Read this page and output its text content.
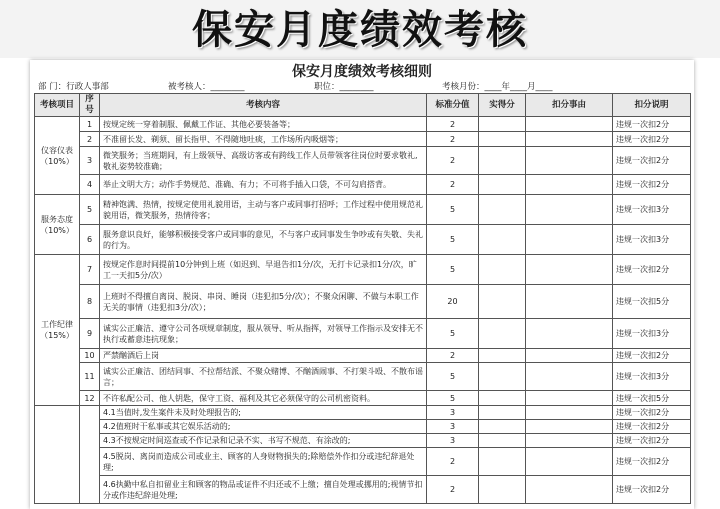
保安月度绩效考核
保安月度绩效考核细则
部 门：行政人事部	被考核人：________	职位：________	考核月份：____年____月____
考核项目	序号	考核内容	标准分值	实得分	扣分事由	扣分说明
仪容仪表（10%）	1	按规定统一穿着制服、佩戴工作证、其他必要装备等；	2			违规一次扣2分
	2	不准留长发、剃须、留长指甲、不得随地吐痰，工作场所内吸烟等；	2			违规一次扣2分
	3	微笑服务；当班期间，有上级领导、高级访客或有跨线工作人员带领客往岗位时要求敬礼,敬礼姿势较准确；	2			违规一次扣2分
	4	举止文明大方；动作手势规范、准确、有力；不可将手插入口袋，不可勾肩搭背。	2			违规一次扣2分
服务态度（10%）	5	精神饱满、热情，按规定使用礼貌用语，主动与客户或同事打招呼；工作过程中使用规范礼貌用语，微笑服务，热情待客；	5			违规一次扣3分
	6	服务意识良好，能够积极接受客户或同事的意见，不与客户或同事发生争吵或有失敬、失礼的行为。	5			违规一次扣3分
工作纪律（15%）	7	按规定作息时间提前10分钟到上班（如迟到、早退告扣1分/次，无打卡记录扣1分/次，旷工一天扣5分/次）	5			违规一次扣2分
	8	上班时不得擅自离岗、脱岗、串岗、睡岗（违犯扣5分/次）；不聚众闲聊、不做与本职工作无关的事情（违犯扣3分/次）；	20			违规一次扣5分
	9	诚实公正廉洁、遵守公司各项规章制度，服从领导、听从指挥，对领导工作指示及安排无不执行或蓄意违抗现象；	5			违规一次扣3分
	10	严禁酗酒后上岗	2			违规一次扣2分
	11	诚实公正廉洁、团结同事、不拉帮结派、不聚众赌博、不酗酒闹事、不打架斗殴、不散布谣言；	5			违规一次扣3分
	12	不许私配公司、他人钥匙，保守工资、福利及其它必须保守的公司机密资料。	5			违规一次扣5分
		4.1当值时,发生案件未及时处理报告的;	3			违规一次扣2分
		4.2值班时干私事或其它娱乐活动的;	3			违规一次扣2分
		4.3不按规定时间巡查或不作记录和记录不实、书写不规范、有涂改的;	3			违规一次扣2分
		4.5脱岗、离岗而造成公司或业主、顾客的人身财物损失的;除赔偿外作扣分或违纪辞退处理;	2			违规一次扣2分
		4.6执勤中私自扣留业主和顾客的物品或证件不归还或不上缴；擅自处理或挪用的;视情节扣分或作违纪辞退处理;	2			违规一次扣2分
